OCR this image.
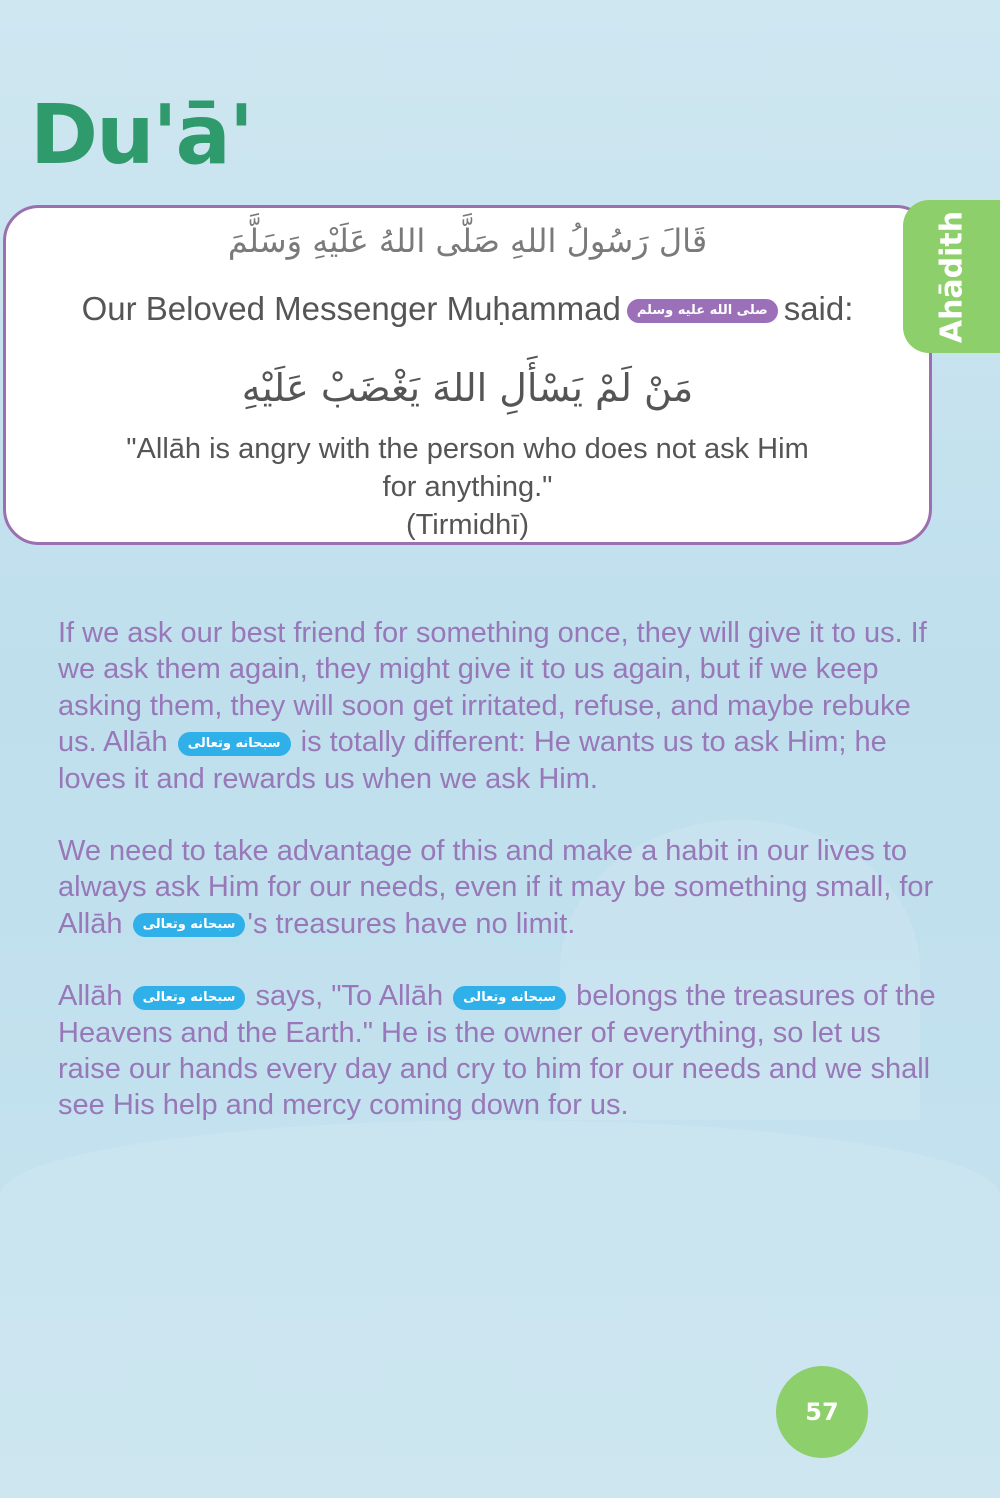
Du'ā'
قَالَ رَسُولُ اللهِ صَلَّى اللهُ عَلَيْهِ وَسَلَّمَ
Our Beloved Messenger Muḥammad صلى الله عليه وسلم said:
مَنْ لَمْ يَسْأَلِ اللهَ يَغْضَبْ عَلَيْهِ
"Allāh is angry with the person who does not ask Him
for anything."
(Tirmidhī)
Ahādith

If we ask our best friend for something once, they will give it to us. If we ask them again, they might give it to us again, but if we keep asking them, they will soon get irritated, refuse, and maybe rebuke us. Allāh سبحانه وتعالى is totally different: He wants us to ask Him; he loves it and rewards us when we ask Him.

We need to take advantage of this and make a habit in our lives to always ask Him for our needs, even if it may be something small, for Allāh سبحانه وتعالى 's treasures have no limit.

Allāh سبحانه وتعالى says, "To Allāh سبحانه وتعالى belongs the treasures of the Heavens and the Earth." He is the owner of everything, so let us raise our hands every day and cry to him for our needs and we shall see His help and mercy coming down for us.

57
